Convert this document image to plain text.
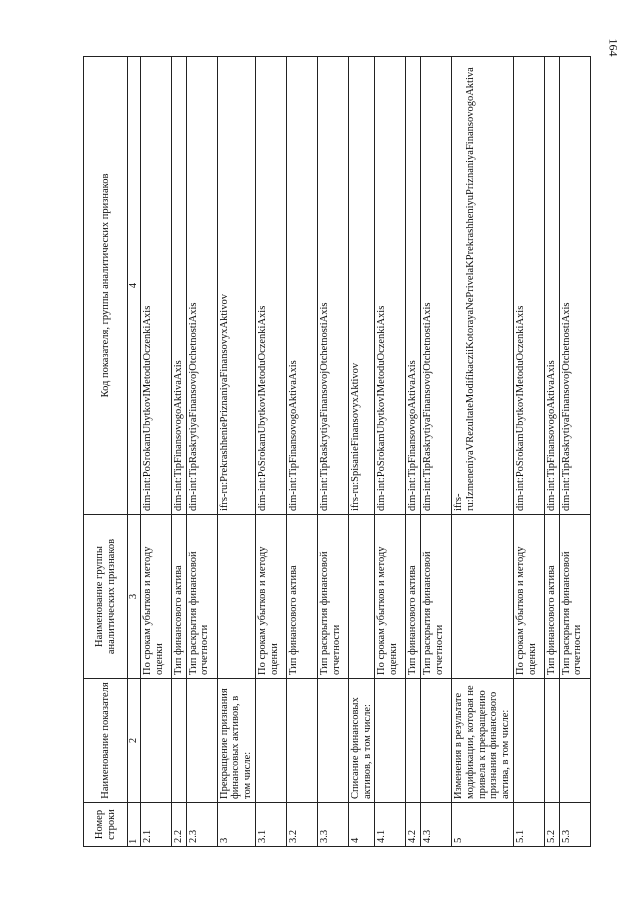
164
Номер строки	Наименование показателя	Наименование группы аналитических признаков	Код показателя, группы аналитических признаков
1	2	3	4
2.1		По срокам убытков и методу оценки	dim-int:PoSrokamUbytkovIMetoduOczenkiAxis
2.2		Тип финансового актива	dim-int:TipFinansovogoAktivaAxis
2.3		Тип раскрытия финансовой отчетности	dim-int:TipRaskrytiyaFinansovojOtchetnostiAxis
3	Прекращение признания финансовых активов, в том числе:		ifrs-ru:PrekrashheniePriznaniyaFinansovyxAktivov
3.1		По срокам убытков и методу оценки	dim-int:PoSrokamUbytkovIMetoduOczenkiAxis
3.2		Тип финансового актива	dim-int:TipFinansovogoAktivaAxis
3.3		Тип раскрытия финансовой отчетности	dim-int:TipRaskrytiyaFinansovojOtchetnostiAxis
4	Списание финансовых активов, в том числе:		ifrs-ru:SpisanieFinansovyxAktivov
4.1		По срокам убытков и методу оценки	dim-int:PoSrokamUbytkovIMetoduOczenkiAxis
4.2		Тип финансового актива	dim-int:TipFinansovogoAktivaAxis
4.3		Тип раскрытия финансовой отчетности	dim-int:TipRaskrytiyaFinansovojOtchetnostiAxis
5	Изменения в результате модификации, которая не привела к прекращению признания финансового актива, в том числе:		ifrs-ru:IzmeneniyaVRezultateModifikacziiKotorayaNePrivelaKPrekrashheniyuPriznaniyaFinansovogoAktiva
5.1		По срокам убытков и методу оценки	dim-int:PoSrokamUbytkovIMetoduOczenkiAxis
5.2		Тип финансового актива	dim-int:TipFinansovogoAktivaAxis
5.3		Тип раскрытия финансовой отчетности	dim-int:TipRaskrytiyaFinansovojOtchetnostiAxis
